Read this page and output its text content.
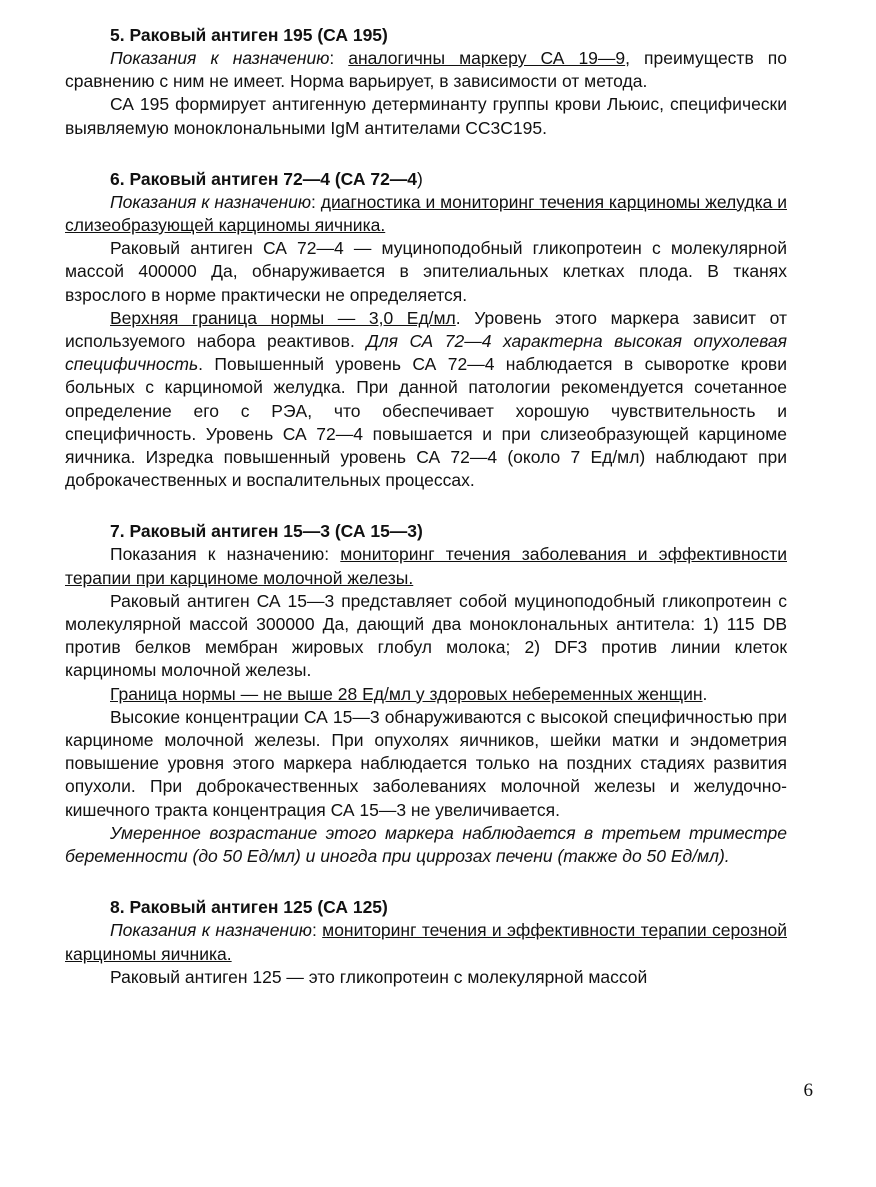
5. Раковый антиген 195 (СА 195)

Показания к назначению: аналогичны маркеру СА 19—9, преимуществ по сравнению с ним не имеет. Норма варьирует, в зависимости от метода.

СА 195 формирует антигенную детерминанту группы крови Льюис, специфически выявляемую моноклональными IgM антителами CC3C195.

6. Раковый антиген 72—4 (СА 72—4)

Показания к назначению: диагностика и мониторинг течения карциномы желудка и слизеобразующей карциномы яичника.

Раковый антиген СА 72—4 — муциноподобный гликопротеин с молекулярной массой 400000 Да, обнаруживается в эпителиальных клетках плода. В тканях взрослого в норме практически не определяется.

Верхняя граница нормы — 3,0 Ед/мл. Уровень этого маркера зависит от используемого набора реактивов. Для СА 72—4 характерна высокая опухолевая специфичность. Повышенный уровень СА 72—4 наблюдается в сыворотке крови больных с карциномой желудка. При данной патологии рекомендуется сочетанное определение его с РЭА, что обеспечивает хорошую чувствительность и специфичность. Уровень СА 72—4 повышается и при слизеобразующей карциноме яичника. Изредка повышенный уровень СА 72—4 (около 7 Ед/мл) наблюдают при доброкачественных и воспалительных процессах.

7. Раковый антиген 15—3 (СА 15—3)

Показания к назначению: мониторинг течения заболевания и эффективности терапии при карциноме молочной железы.

Раковый антиген СА 15—3 представляет собой муциноподобный гликопротеин с молекулярной массой 300000 Да, дающий два моноклональных антитела: 1) 115 DB против белков мембран жировых глобул молока; 2) DF3 против линии клеток карциномы молочной железы.

Граница нормы — не выше 28 Ед/мл у здоровых небеременных женщин.

Высокие концентрации СА 15—3 обнаруживаются с высокой специфичностью при карциноме молочной железы. При опухолях яичников, шейки матки и эндометрия повышение уровня этого маркера наблюдается только на поздних стадиях развития опухоли. При доброкачественных заболеваниях молочной железы и желудочно-кишечного тракта концентрация СА 15—3 не увеличивается.

Умеренное возрастание этого маркера наблюдается в третьем триместре беременности (до 50 Ед/мл) и иногда при циррозах печени (также до 50 Ед/мл).

8. Раковый антиген 125 (СА 125)

Показания к назначению: мониторинг течения и эффективности терапии серозной карциномы яичника.

Раковый антиген 125 — это гликопротеин с молекулярной массой

6
